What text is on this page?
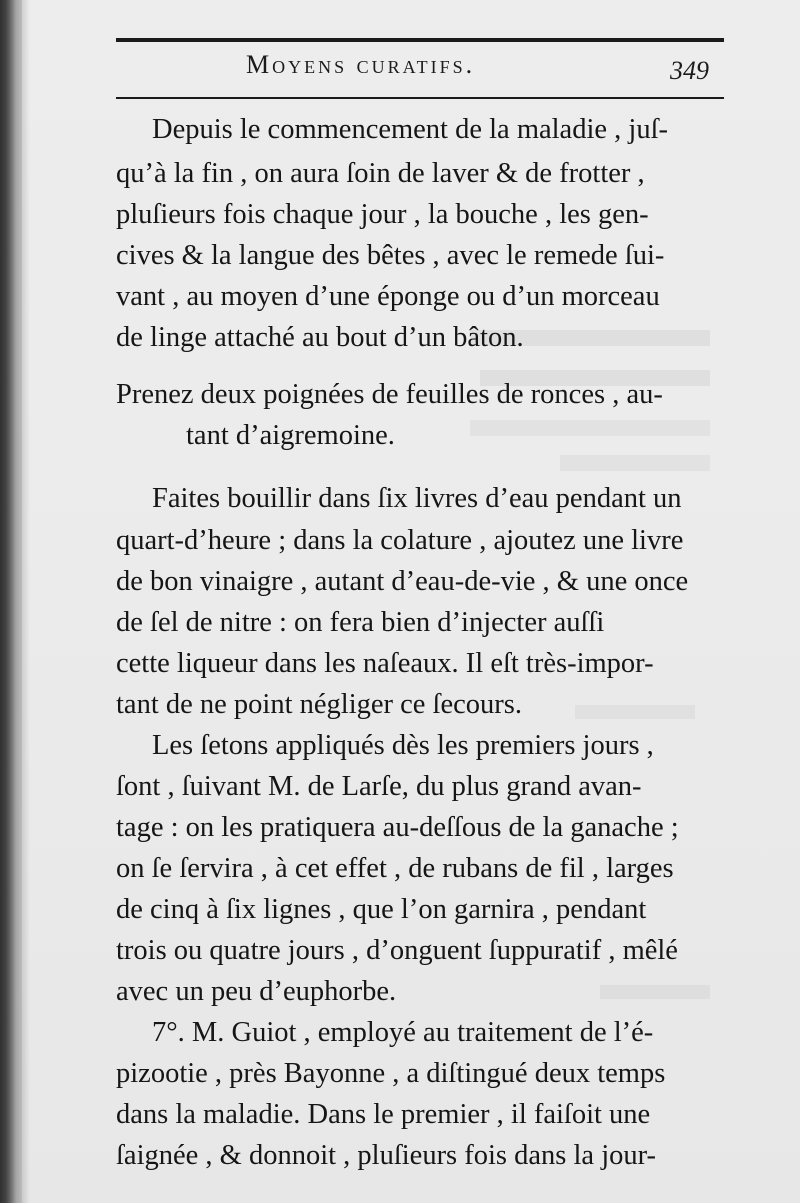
Moyens curatifs.	349
Depuis le commencement de la maladie , juſ-
qu’à la fin , on aura ſoin de laver & de frotter ,
pluſieurs fois chaque jour , la bouche , les gen-
cives & la langue des bêtes , avec le remede ſui-
vant , au moyen d’une éponge ou d’un morceau
de linge attaché au bout d’un bâton.
Prenez deux poignées de feuilles de ronces , au-
tant d’aigremoine.
Faites bouillir dans ſix livres d’eau pendant un
quart-d’heure ; dans la colature , ajoutez une livre
de bon vinaigre , autant d’eau-de-vie , & une once
de ſel de nitre : on fera bien d’injecter auſſi
cette liqueur dans les naſeaux. Il eſt très-impor-
tant de ne point négliger ce ſecours.
Les ſetons appliqués dès les premiers jours ,
ſont , ſuivant M. de Larſe, du plus grand avan-
tage : on les pratiquera au-deſſous de la ganache ;
on ſe ſervira , à cet effet , de rubans de fil , larges
de cinq à ſix lignes , que l’on garnira , pendant
trois ou quatre jours , d’onguent ſuppuratif , mêlé
avec un peu d’euphorbe.
7°. M. Guiot , employé au traitement de l’é-
pizootie , près Bayonne , a diſtingué deux temps
dans la maladie. Dans le premier , il faiſoit une
ſaignée , & donnoit , pluſieurs fois dans la jour-
